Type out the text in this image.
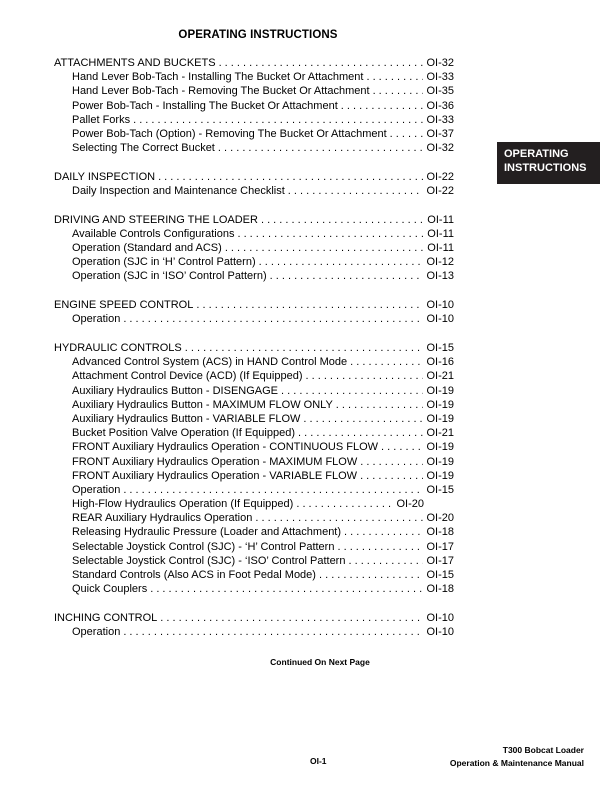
OPERATING INSTRUCTIONS
ATTACHMENTS AND BUCKETS . . .	OI-32
Hand Lever Bob-Tach - Installing The Bucket Or Attachment . . .	OI-33
Hand Lever Bob-Tach - Removing The Bucket Or Attachment . . .	OI-35
Power Bob-Tach - Installing The Bucket Or Attachment . . .	OI-36
Pallet Forks . . .	OI-33
Power Bob-Tach (Option) - Removing The Bucket Or Attachment . . .	OI-37
Selecting The Correct Bucket . . .	OI-32
DAILY INSPECTION . . .	OI-22
Daily Inspection and Maintenance Checklist . . .	OI-22
DRIVING AND STEERING THE LOADER . . .	OI-11
Available Controls Configurations . . .	OI-11
Operation (Standard and ACS) . . .	OI-11
Operation (SJC in ‘H’ Control Pattern) . . .	OI-12
Operation (SJC in ‘ISO’ Control Pattern) . . .	OI-13
ENGINE SPEED CONTROL . . .	OI-10
Operation . . .	OI-10
HYDRAULIC CONTROLS . . .	OI-15
Advanced Control System (ACS) in HAND Control Mode . . .	OI-16
Attachment Control Device (ACD) (If Equipped) . . .	OI-21
Auxiliary Hydraulics Button - DISENGAGE . . .	OI-19
Auxiliary Hydraulics Button - MAXIMUM FLOW ONLY . . .	OI-19
Auxiliary Hydraulics Button - VARIABLE FLOW . . .	OI-19
Bucket Position Valve Operation (If Equipped) . . .	OI-21
FRONT Auxiliary Hydraulics Operation - CONTINUOUS FLOW . . .	OI-19
FRONT Auxiliary Hydraulics Operation - MAXIMUM FLOW . . .	OI-19
FRONT Auxiliary Hydraulics Operation - VARIABLE FLOW . . .	OI-19
Operation . . .	OI-15
High-Flow Hydraulics Operation (If Equipped) . . .	OI-20
REAR Auxiliary Hydraulics Operation . . .	OI-20
Releasing Hydraulic Pressure (Loader and Attachment) . . .	OI-18
Selectable Joystick Control (SJC) - ‘H’ Control Pattern . . .	OI-17
Selectable Joystick Control (SJC) - ‘ISO’ Control Pattern . . .	OI-17
Standard Controls (Also ACS in Foot Pedal Mode) . . .	OI-15
Quick Couplers . . .	OI-18
INCHING CONTROL . . .	OI-10
Operation . . .	OI-10
OPERATING
INSTRUCTIONS
Continued On Next Page
OI-1
T300 Bobcat Loader
Operation & Maintenance Manual
